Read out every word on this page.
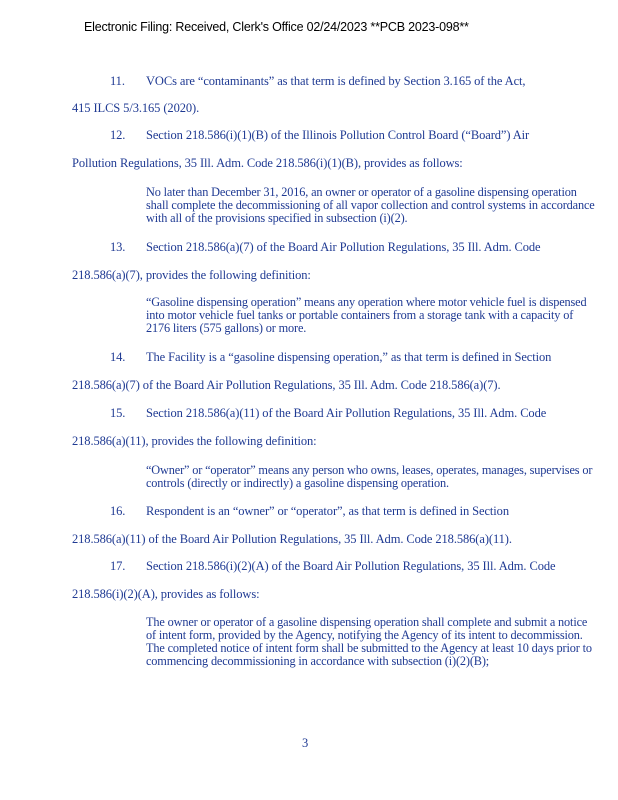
Electronic Filing: Received, Clerk's Office 02/24/2023 **PCB 2023-098**
11. VOCs are “contaminants” as that term is defined by Section 3.165 of the Act,
415 ILCS 5/3.165 (2020).
12. Section 218.586(i)(1)(B) of the Illinois Pollution Control Board (“Board”) Air
Pollution Regulations, 35 Ill. Adm. Code 218.586(i)(1)(B), provides as follows:
No later than December 31, 2016, an owner or operator of a gasoline dispensing operation shall complete the decommissioning of all vapor collection and control systems in accordance with all of the provisions specified in subsection (i)(2).
13. Section 218.586(a)(7) of the Board Air Pollution Regulations, 35 Ill. Adm. Code
218.586(a)(7), provides the following definition:
“Gasoline dispensing operation” means any operation where motor vehicle fuel is dispensed into motor vehicle fuel tanks or portable containers from a storage tank with a capacity of 2176 liters (575 gallons) or more.
14. The Facility is a “gasoline dispensing operation,” as that term is defined in Section
218.586(a)(7) of the Board Air Pollution Regulations, 35 Ill. Adm. Code 218.586(a)(7).
15. Section 218.586(a)(11) of the Board Air Pollution Regulations, 35 Ill. Adm. Code
218.586(a)(11), provides the following definition:
“Owner” or “operator” means any person who owns, leases, operates, manages, supervises or controls (directly or indirectly) a gasoline dispensing operation.
16. Respondent is an “owner” or “operator”, as that term is defined in Section
218.586(a)(11) of the Board Air Pollution Regulations, 35 Ill. Adm. Code 218.586(a)(11).
17. Section 218.586(i)(2)(A) of the Board Air Pollution Regulations, 35 Ill. Adm. Code
218.586(i)(2)(A), provides as follows:
The owner or operator of a gasoline dispensing operation shall complete and submit a notice of intent form, provided by the Agency, notifying the Agency of its intent to decommission. The completed notice of intent form shall be submitted to the Agency at least 10 days prior to commencing decommissioning in accordance with subsection (i)(2)(B);
3
